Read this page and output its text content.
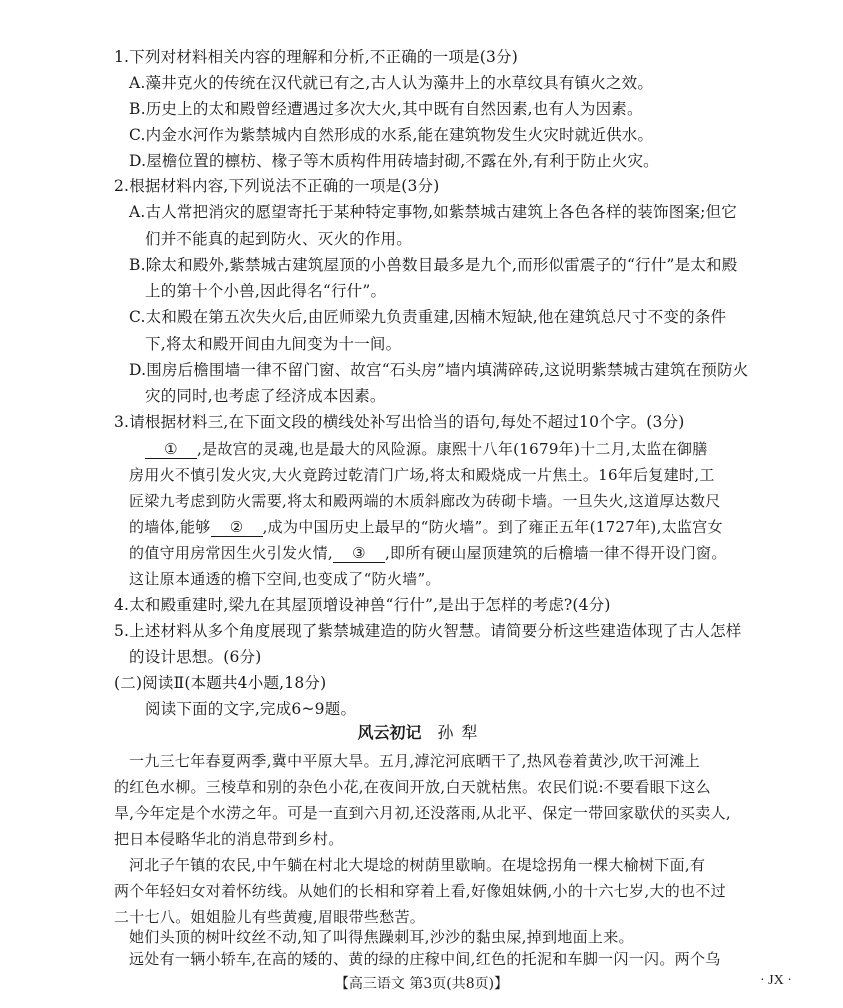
1.下列对材料相关内容的理解和分析,不正确的一项是(3分)
A.藻井克火的传统在汉代就已有之,古人认为藻井上的水草纹具有镇火之效。
B.历史上的太和殿曾经遭遇过多次大火,其中既有自然因素,也有人为因素。
C.内金水河作为紫禁城内自然形成的水系,能在建筑物发生火灾时就近供水。
D.屋檐位置的檩枋、椽子等木质构件用砖墙封砌,不露在外,有利于防止火灾。
2.根据材料内容,下列说法不正确的一项是(3分)
A.古人常把消灾的愿望寄托于某种特定事物,如紫禁城古建筑上各色各样的装饰图案;但它
们并不能真的起到防火、灭火的作用。
B.除太和殿外,紫禁城古建筑屋顶的小兽数目最多是九个,而形似雷震子的“行什”是太和殿
上的第十个小兽,因此得名“行什”。
C.太和殿在第五次失火后,由匠师梁九负责重建,因楠木短缺,他在建筑总尺寸不变的条件
下,将太和殿开间由九间变为十一间。
D.围房后檐围墙一律不留门窗、故宫“石头房”墙内填满碎砖,这说明紫禁城古建筑在预防火
灾的同时,也考虑了经济成本因素。
3.请根据材料三,在下面文段的横线处补写出恰当的语句,每处不超过10个字。(3分)
① ,是故宫的灵魂,也是最大的风险源。康熙十八年(1679年)十二月,太监在御膳
房用火不慎引发火灾,大火竟跨过乾清门广场,将太和殿烧成一片焦土。16年后复建时,工
匠梁九考虑到防火需要,将太和殿两端的木质斜廊改为砖砌卡墙。一旦失火,这道厚达数尺
的墙体,能够 ② ,成为中国历史上最早的“防火墙”。到了雍正五年(1727年),太监宫女
的值守用房常因生火引发火情, ③ ,即所有硬山屋顶建筑的后檐墙一律不得开设门窗。
这让原本通透的檐下空间,也变成了“防火墙”。
4.太和殿重建时,梁九在其屋顶增设神兽“行什”,是出于怎样的考虑?(4分)
5.上述材料从多个角度展现了紫禁城建造的防火智慧。请简要分析这些建造体现了古人怎样
的设计思想。(6分)
(二)阅读Ⅱ(本题共4小题,18分)
阅读下面的文字,完成6~9题。
风云初记 孙犁
一九三七年春夏两季,冀中平原大旱。五月,滹沱河底晒干了,热风卷着黄沙,吹干河滩上
的红色水柳。三棱草和别的杂色小花,在夜间开放,白天就枯焦。农民们说:不要看眼下这么
旱,今年定是个水涝之年。可是一直到六月初,还没落雨,从北平、保定一带回家歇伏的买卖人,
把日本侵略华北的消息带到乡村。
河北子午镇的农民,中午躺在村北大堤埝的树荫里歇晌。在堤埝拐角一棵大榆树下面,有
两个年轻妇女对着怀纺线。从她们的长相和穿着上看,好像姐妹俩,小的十六七岁,大的也不过
二十七八。姐姐脸儿有些黄瘦,眉眼带些愁苦。
她们头顶的树叶纹丝不动,知了叫得焦躁刺耳,沙沙的黏虫屎,掉到地面上来。
远处有一辆小轿车,在高的矮的、黄的绿的庄稼中间,红色的托泥和车脚一闪一闪。两个乌
【高三语文 第3页(共8页)】	· JX ·
